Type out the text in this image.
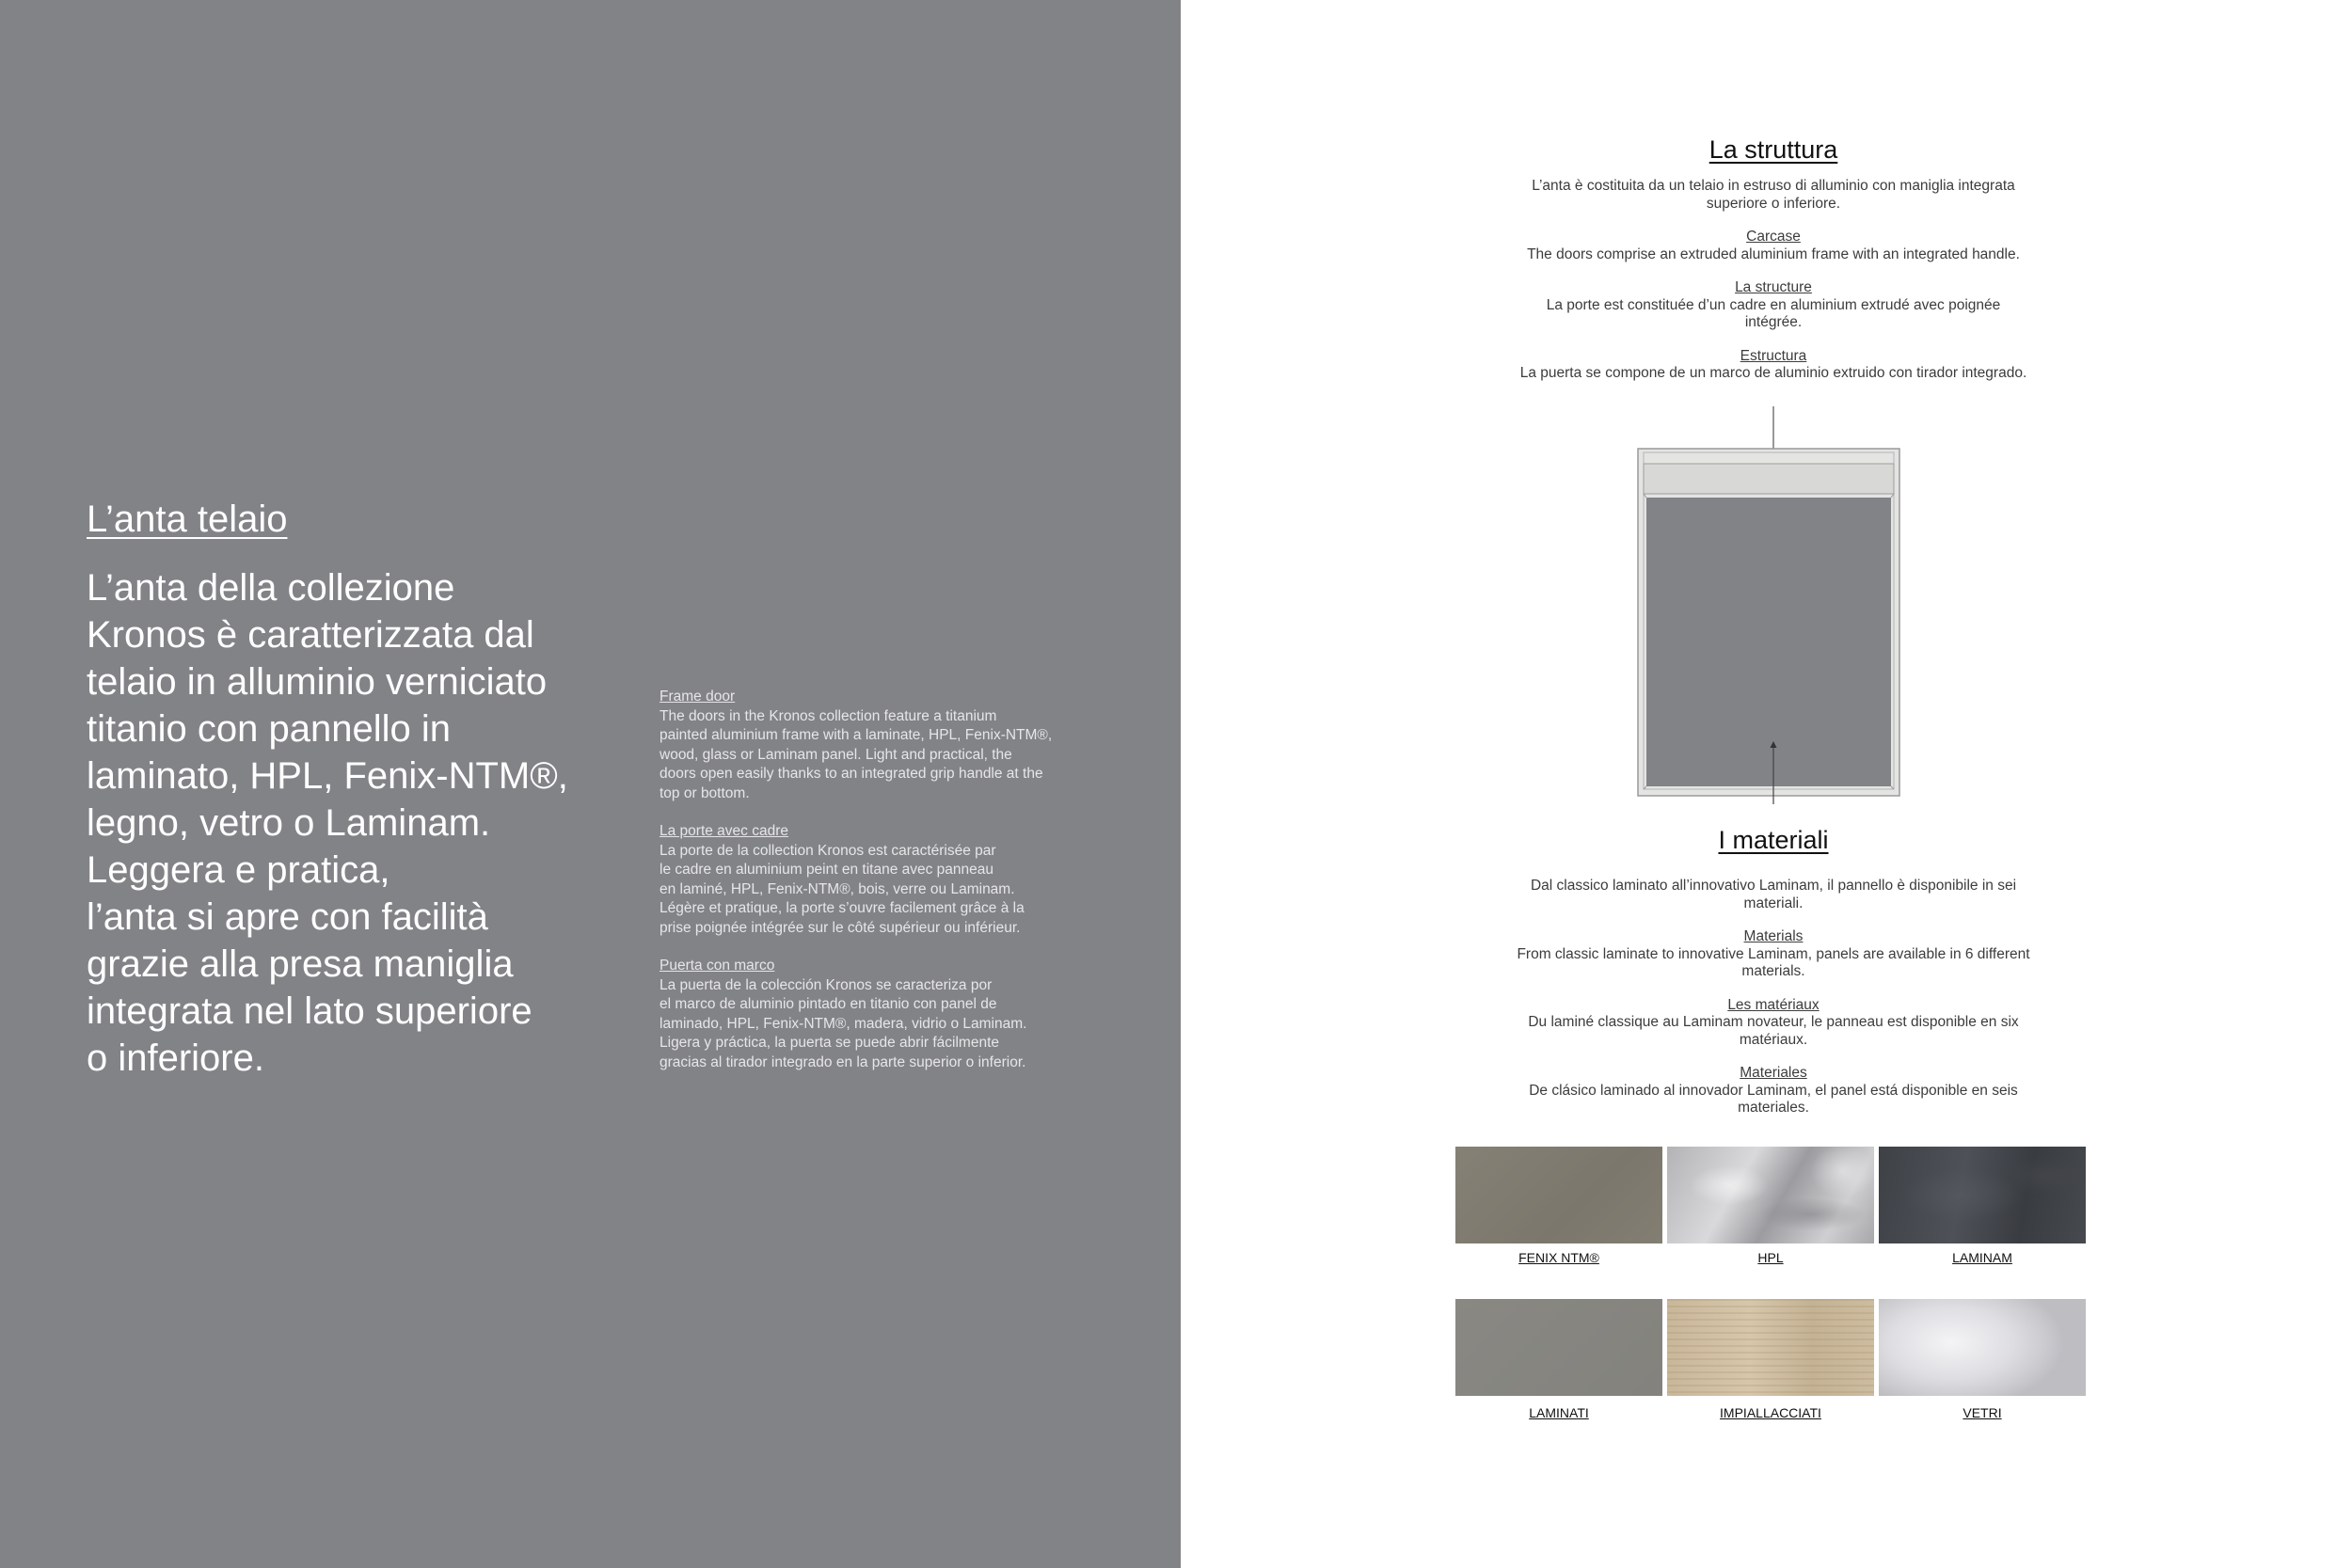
L’anta telaio
L’anta della collezione
Kronos è caratterizzata dal
telaio in alluminio verniciato
titanio con pannello in
laminato, HPL, Fenix-NTM®,
legno, vetro o Laminam.
Leggera e pratica,
l’anta si apre con facilità
grazie alla presa maniglia
integrata nel lato superiore
o inferiore.
Frame door
The doors in the Kronos collection feature a titanium
painted aluminium frame with a laminate, HPL, Fenix-NTM®,
wood, glass or Laminam panel. Light and practical, the
doors open easily thanks to an integrated grip handle at the
top or bottom.
La porte avec cadre
La porte de la collection Kronos est caractérisée par
le cadre en aluminium peint en titane avec panneau
en laminé, HPL, Fenix-NTM®, bois, verre ou Laminam.
Légère et pratique, la porte s’ouvre facilement grâce à la
prise poignée intégrée sur le côté supérieur ou inférieur.
Puerta con marco
La puerta de la colección Kronos se caracteriza por
el marco de aluminio pintado en titanio con panel de
laminado, HPL, Fenix-NTM®, madera, vidrio o Laminam.
Ligera y práctica, la puerta se puede abrir fácilmente
gracias al tirador integrado en la parte superior o inferior.
La struttura
L’anta è costituita da un telaio in estruso di alluminio con maniglia integrata
superiore o inferiore.
Carcase
The doors comprise an extruded aluminium frame with an integrated handle.
La structure
La porte est constituée d’un cadre en aluminium extrudé avec poignée
intégrée.
Estructura
La puerta se compone de un marco de aluminio extruido con tirador integrado.
I materiali
Dal classico laminato all’innovativo Laminam, il pannello è disponibile in sei
materiali.
Materials
From classic laminate to innovative Laminam, panels are available in 6 different
materials.
Les matériaux
Du laminé classique au Laminam novateur, le panneau est disponible en six
matériaux.
Materiales
De clásico laminado al innovador Laminam, el panel está disponible en seis
materiales.
FENIX NTM®	HPL	LAMINAM
LAMINATI	IMPIALLACCIATI	VETRI
